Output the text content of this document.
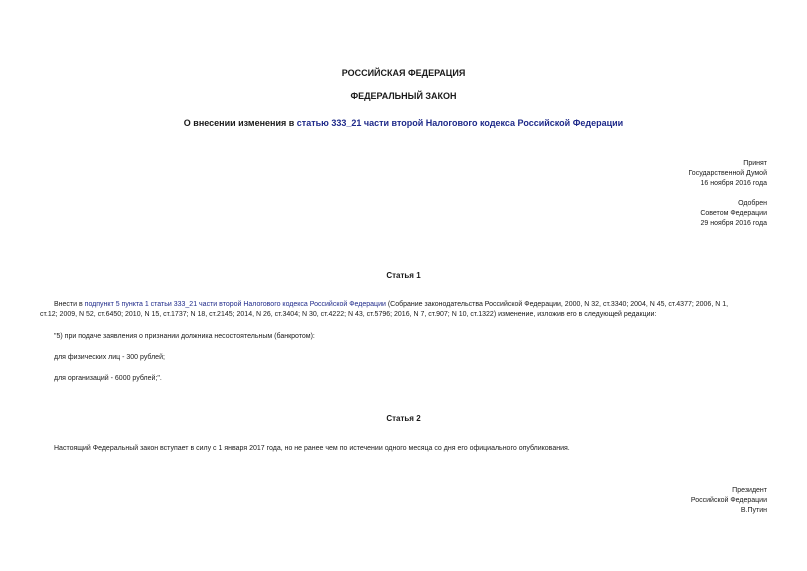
РОССИЙСКАЯ ФЕДЕРАЦИЯ
ФЕДЕРАЛЬНЫЙ ЗАКОН
О внесении изменения в статью 333_21 части второй Налогового кодекса Российской Федерации
Принят
Государственной Думой
16 ноября 2016 года
Одобрен
Советом Федерации
29 ноября 2016 года
Статья 1
Внести в подпункт 5 пункта 1 статьи 333_21 части второй Налогового кодекса Российской Федерации (Собрание законодательства Российской Федерации, 2000, N 32, ст.3340; 2004, N 45, ст.4377; 2006, N 1,
ст.12; 2009, N 52, ст.6450; 2010, N 15, ст.1737; N 18, ст.2145; 2014, N 26, ст.3404; N 30, ст.4222; N 43, ст.5796; 2016, N 7, ст.907; N 10, ст.1322) изменение, изложив его в следующей редакции:
"5) при подаче заявления о признании должника несостоятельным (банкротом):
для физических лиц - 300 рублей;
для организаций - 6000 рублей;".
Статья 2
Настоящий Федеральный закон вступает в силу с 1 января 2017 года, но не ранее чем по истечении одного месяца со дня его официального опубликования.
Президент
Российской Федерации
В.Путин
